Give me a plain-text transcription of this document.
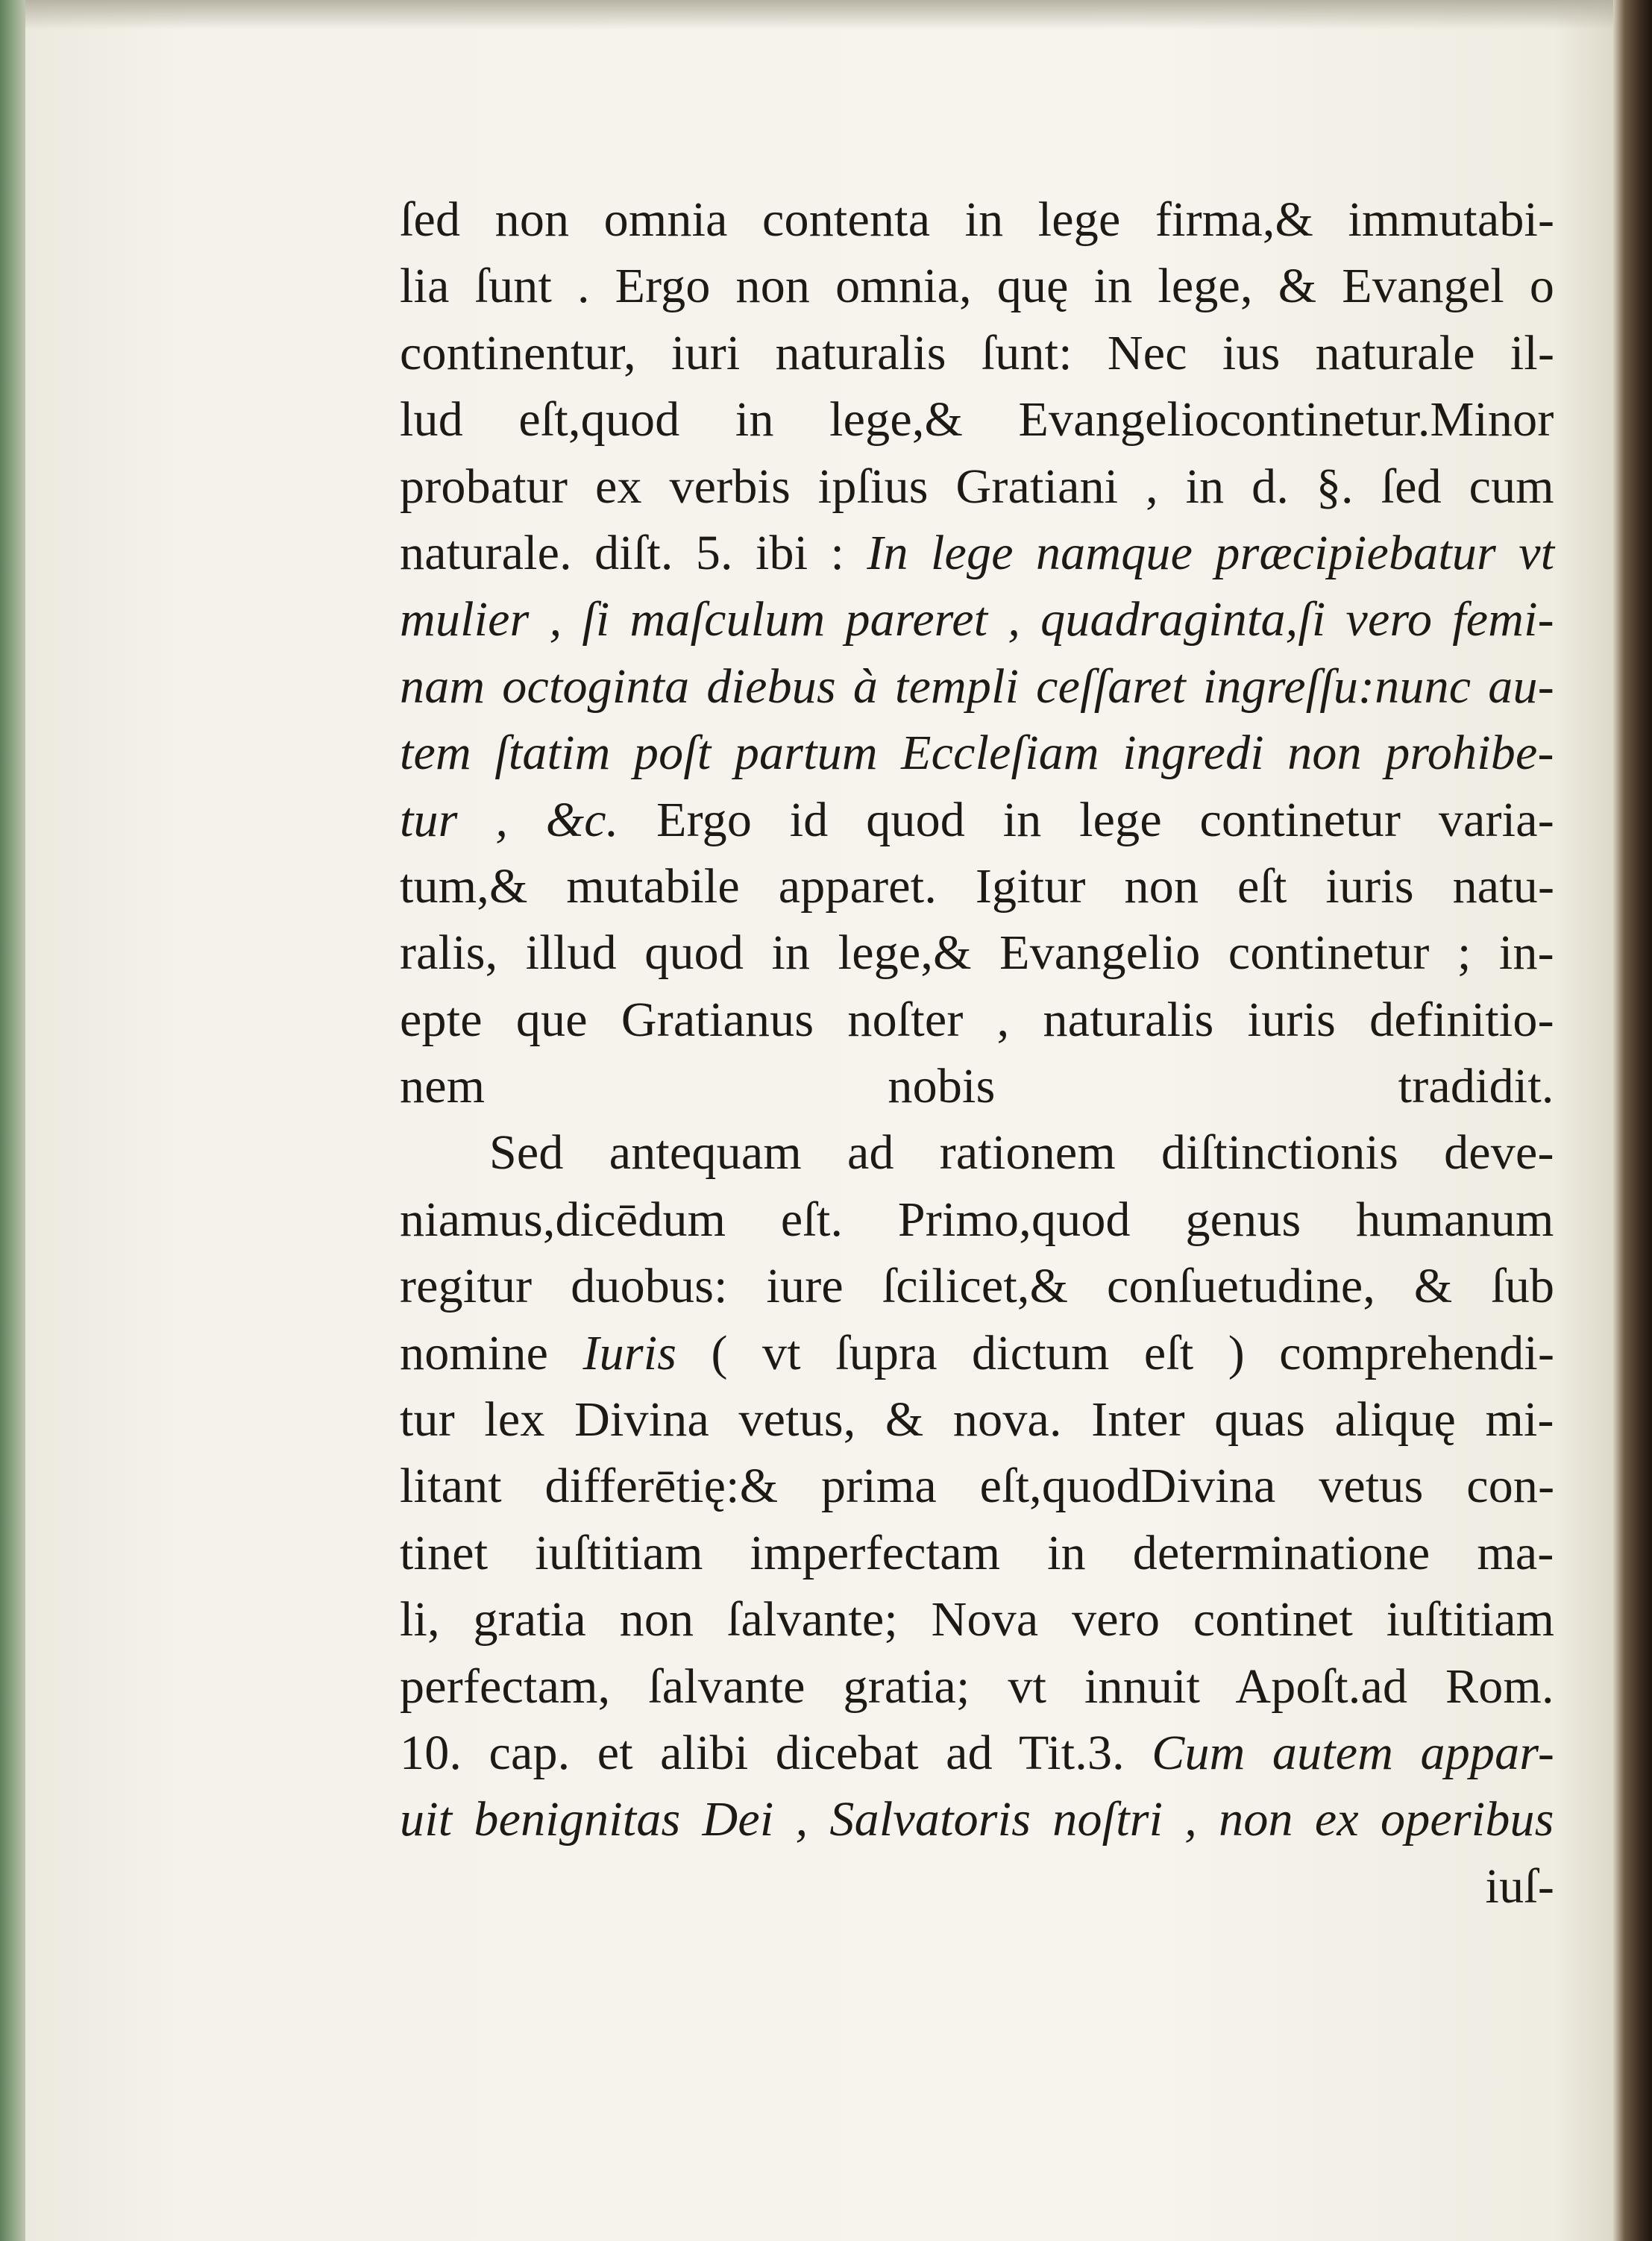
ſed non omnia contenta in lege firma,& immutabi-
lia ſunt . Ergo non omnia, quę in lege, & Evangel o
continentur, iuri naturalis ſunt: Nec ius naturale il-
lud eſt,quod in lege,& Evangeliocontinetur.Minor
probatur ex verbis ipſius Gratiani , in d. §. ſed cum
naturale. diſt. 5. ibi : In lege namque præcipiebatur vt
mulier , ſi maſculum pareret , quadraginta,ſi vero femi-
nam octoginta diebus à templi ceſſaret ingreſſu:nunc au-
tem ſtatim poſt partum Eccleſiam ingredi non prohibe-
tur , &c. Ergo id quod in lege continetur varia-
tum,& mutabile apparet. Igitur non eſt iuris natu-
ralis, illud quod in lege,& Evangelio continetur ; in-
epte que Gratianus noſter , naturalis iuris definitio-
nem nobis tradidit.
Sed antequam ad rationem diſtinctionis deve-
niamus,dicēdum eſt. Primo,quod genus humanum
regitur duobus: iure ſcilicet,& conſuetudine, & ſub
nomine Iuris ( vt ſupra dictum eſt ) comprehendi-
tur lex Divina vetus, & nova. Inter quas aliquę mi-
litant differētię:& prima eſt,quodDivina vetus con-
tinet iuſtitiam imperfectam in determinatione ma-
li, gratia non ſalvante; Nova vero continet iuſtitiam
perfectam, ſalvante gratia; vt innuit Apoſt.ad Rom.
10. cap. et alibi dicebat ad Tit.3. Cum autem appar-
uit benignitas Dei , Salvatoris noſtri , non ex operibus
iuſ-
